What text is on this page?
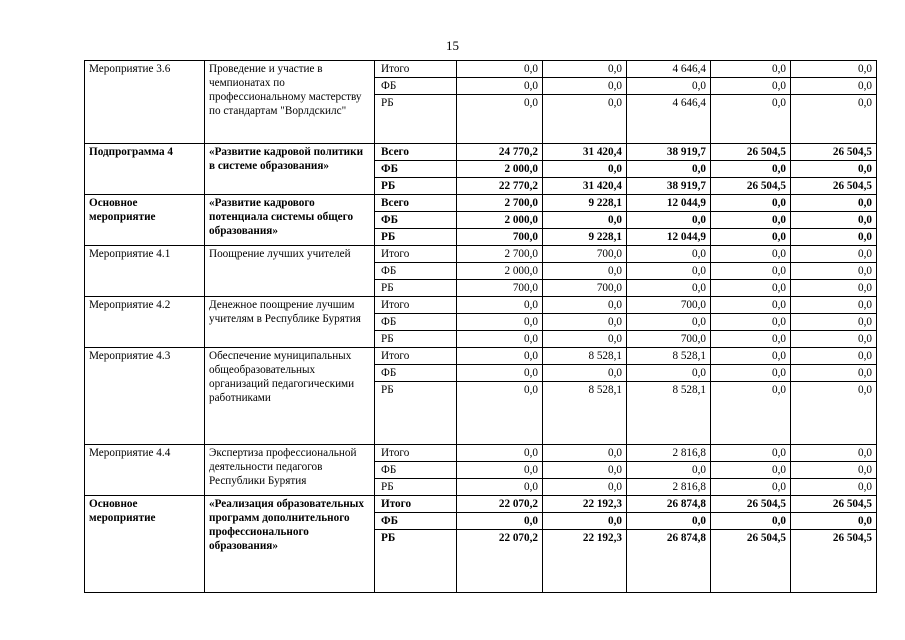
15
Мероприятие 3.6	Проведение и участие в чемпионатах по профессиональному мастерству по стандартам "Ворлдскилс"	Итого	0,0	0,0	4 646,4	0,0	0,0
		ФБ	0,0	0,0	0,0	0,0	0,0
		РБ	0,0	0,0	4 646,4	0,0	0,0
Подпрограмма 4	«Развитие кадровой политики в системе образования»	Всего	24 770,2	31 420,4	38 919,7	26 504,5	26 504,5
		ФБ	2 000,0	0,0	0,0	0,0	0,0
		РБ	22 770,2	31 420,4	38 919,7	26 504,5	26 504,5
Основное мероприятие	«Развитие кадрового потенциала системы общего образования»	Всего	2 700,0	9 228,1	12 044,9	0,0	0,0
		ФБ	2 000,0	0,0	0,0	0,0	0,0
		РБ	700,0	9 228,1	12 044,9	0,0	0,0
Мероприятие 4.1	Поощрение лучших учителей	Итого	2 700,0	700,0	0,0	0,0	0,0
		ФБ	2 000,0	0,0	0,0	0,0	0,0
		РБ	700,0	700,0	0,0	0,0	0,0
Мероприятие 4.2	Денежное поощрение лучшим учителям в Республике Бурятия	Итого	0,0	0,0	700,0	0,0	0,0
		ФБ	0,0	0,0	0,0	0,0	0,0
		РБ	0,0	0,0	700,0	0,0	0,0
Мероприятие 4.3	Обеспечение муниципальных общеобразовательных организаций педагогическими работниками	Итого	0,0	8 528,1	8 528,1	0,0	0,0
		ФБ	0,0	0,0	0,0	0,0	0,0
		РБ	0,0	8 528,1	8 528,1	0,0	0,0
Мероприятие 4.4	Экспертиза профессиональной деятельности педагогов Республики Бурятия	Итого	0,0	0,0	2 816,8	0,0	0,0
		ФБ	0,0	0,0	0,0	0,0	0,0
		РБ	0,0	0,0	2 816,8	0,0	0,0
Основное мероприятие	«Реализация образовательных программ дополнительного профессионального образования»	Итого	22 070,2	22 192,3	26 874,8	26 504,5	26 504,5
		ФБ	0,0	0,0	0,0	0,0	0,0
		РБ	22 070,2	22 192,3	26 874,8	26 504,5	26 504,5
